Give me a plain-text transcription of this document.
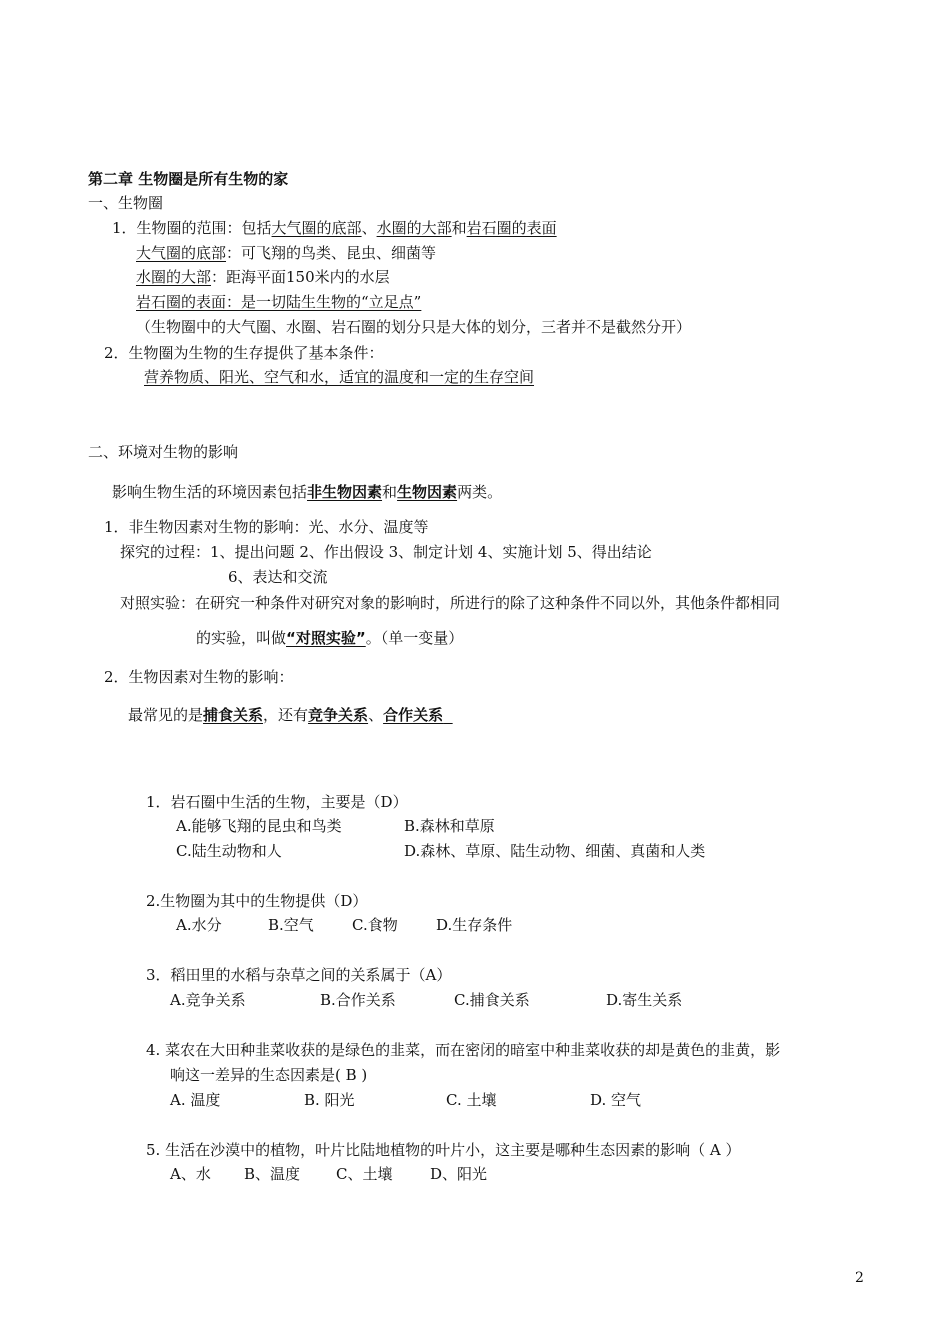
第二章 生物圈是所有生物的家
一、生物圈
1．生物圈的范围：包括大气圈的底部、水圈的大部和岩石圈的表面
大气圈的底部：可飞翔的鸟类、昆虫、细菌等
水圈的大部：距海平面150米内的水层
岩石圈的表面：是一切陆生生物的“立足点”
（生物圈中的大气圈、水圈、岩石圈的划分只是大体的划分，三者并不是截然分开）
2．生物圈为生物的生存提供了基本条件：
营养物质、阳光、空气和水，适宜的温度和一定的生存空间
二、环境对生物的影响
影响生物生活的环境因素包括非生物因素和生物因素两类。
1．非生物因素对生物的影响：光、水分、温度等
探究的过程：1、提出问题 2、作出假设 3、制定计划 4、实施计划 5、得出结论
6、表达和交流
对照实验：在研究一种条件对研究对象的影响时，所进行的除了这种条件不同以外，其他条件都相同
的实验，叫做“对照实验”。（单一变量）
2．生物因素对生物的影响：
最常见的是捕食关系，还有竞争关系、合作关系
1．岩石圈中生活的生物，主要是（D）
A.能够飞翔的昆虫和鸟类	B.森林和草原
C.陆生动物和人	D.森林、草原、陆生动物、细菌、真菌和人类
2.生物圈为其中的生物提供（D）
A.水分	B.空气	C.食物	D.生存条件
3．稻田里的水稻与杂草之间的关系属于（A）
A.竞争关系	B.合作关系	C.捕食关系	D.寄生关系
4. 菜农在大田种韭菜收获的是绿色的韭菜，而在密闭的暗室中种韭菜收获的却是黄色的韭黄，影
响这一差异的生态因素是( B )
A. 温度	B. 阳光	C. 土壤	D. 空气
5. 生活在沙漠中的植物，叶片比陆地植物的叶片小，这主要是哪种生态因素的影响（ A ）
A、水 B、温度 C、土壤	D、阳光
2
